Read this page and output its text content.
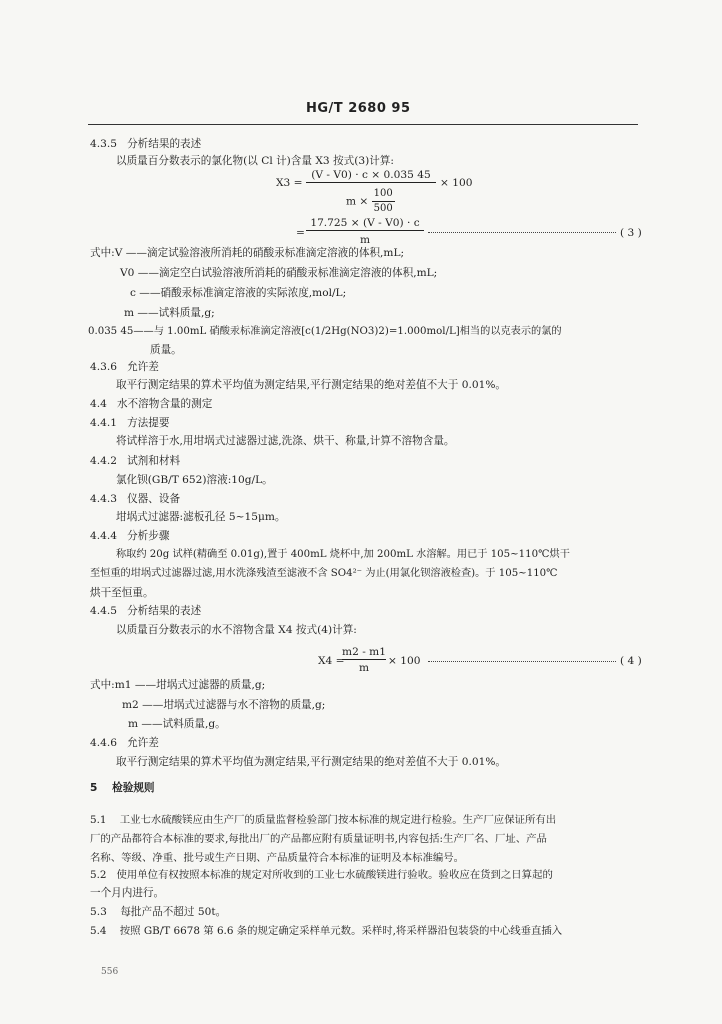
HG/T 2680 95
4.3.5 分析结果的表述
以质量百分数表示的氯化物(以 Cl 计)含量 X3 按式(3)计算:
X3 =
(V - V0) · c × 0.035 45
$m \times \frac{100}{500}$
× 100
=
17.725 × (V - V0) · c
m
( 3 )
式中:V ——滴定试验溶液所消耗的硝酸汞标准滴定溶液的体积,mL;
V0 ——滴定空白试验溶液所消耗的硝酸汞标准滴定溶液的体积,mL;
c ——硝酸汞标准滴定溶液的实际浓度,mol/L;
m ——试料质量,g;
0.035 45——与 1.00mL 硝酸汞标准滴定溶液[c(1/2Hg(NO3)2)=1.000mol/L]相当的以克表示的氯的
质量。
4.3.6 允许差
取平行测定结果的算术平均值为测定结果,平行测定结果的绝对差值不大于 0.01%。
4.4 水不溶物含量的测定
4.4.1 方法提要
将试样溶于水,用坩埚式过滤器过滤,洗涤、烘干、称量,计算不溶物含量。
4.4.2 试剂和材料
氯化钡(GB/T 652)溶液:10g/L。
4.4.3 仪器、设备
坩埚式过滤器:滤板孔径 5~15μm。
4.4.4 分析步骤
称取约 20g 试样(精确至 0.01g),置于 400mL 烧杯中,加 200mL 水溶解。用已于 105~110℃烘干
至恒重的坩埚式过滤器过滤,用水洗涤残渣至滤液不含 SO4²⁻ 为止(用氯化钡溶液检查)。于 105~110℃
烘干至恒重。
4.4.5 分析结果的表述
以质量百分数表示的水不溶物含量 X4 按式(4)计算:
X4 =
m2 - m1
m
× 100	( 4 )
式中:m1 ——坩埚式过滤器的质量,g;
m2 ——坩埚式过滤器与水不溶物的质量,g;
m ——试料质量,g。
4.4.6 允许差
取平行测定结果的算术平均值为测定结果,平行测定结果的绝对差值不大于 0.01%。
5 检验规则
5.1 工业七水硫酸镁应由生产厂的质量监督检验部门按本标准的规定进行检验。生产厂应保证所有出
厂的产品都符合本标准的要求,每批出厂的产品都应附有质量证明书,内容包括:生产厂名、厂址、产品
名称、等级、净重、批号或生产日期、产品质量符合本标准的证明及本标准编号。
5.2 使用单位有权按照本标准的规定对所收到的工业七水硫酸镁进行验收。验收应在货到之日算起的
一个月内进行。
5.3 每批产品不超过 50t。
5.4 按照 GB/T 6678 第 6.6 条的规定确定采样单元数。采样时,将采样器沿包装袋的中心线垂直插入
556
